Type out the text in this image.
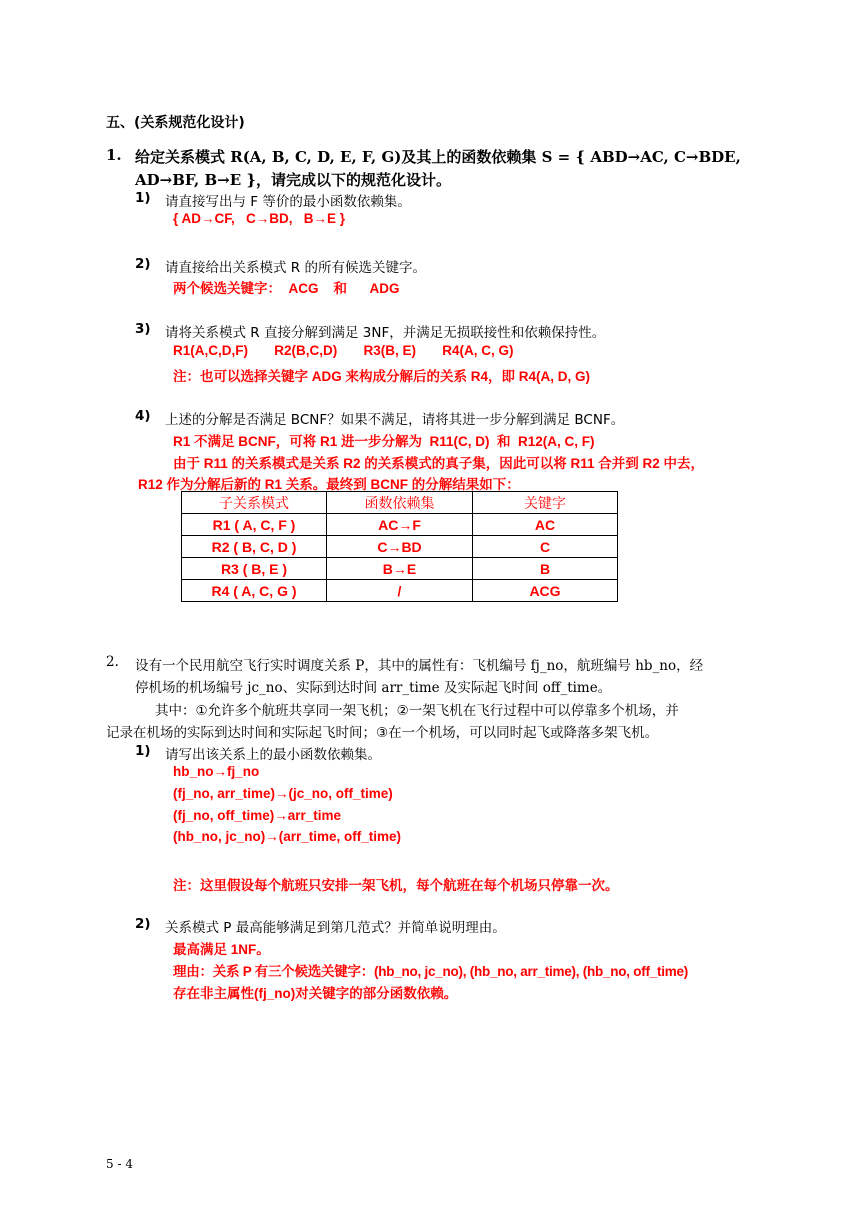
五、(关系规范化设计)
1. 给定关系模式 R(A, B, C, D, E, F, G)及其上的函数依赖集 S = { ABD→AC, C→BDE,
AD→BF, B→E }，请完成以下的规范化设计。
1) 请直接写出与 F 等价的最小函数依赖集。
{ AD→CF,   C→BD,   B→E }
2) 请直接给出关系模式 R 的所有候选关键字。
两个候选关键字：  ACG    和      ADG
3) 请将关系模式 R 直接分解到满足 3NF，并满足无损联接性和依赖保持性。
R1(A,C,D,F)       R2(B,C,D)       R3(B, E)       R4(A, C, G)
注：也可以选择关键字 ADG 来构成分解后的关系 R4，即 R4(A, D, G)
4) 上述的分解是否满足 BCNF？如果不满足，请将其进一步分解到满足 BCNF。
R1 不满足 BCNF，可将 R1 进一步分解为  R11(C, D)  和  R12(A, C, F)
由于 R11 的关系模式是关系 R2 的关系模式的真子集，因此可以将 R11 合并到 R2 中去，
R12 作为分解后新的 R1 关系。最终到 BCNF 的分解结果如下：
子关系模式	函数依赖集	关键字
R1 ( A, C, F )	AC→F	AC
R2 ( B, C, D )	C→BD	C
R3 ( B, E )	B→E	B
R4 ( A, C, G )	/	ACG
2. 设有一个民用航空飞行实时调度关系 P，其中的属性有：飞机编号 fj_no，航班编号 hb_no，经
停机场的机场编号 jc_no、实际到达时间 arr_time 及实际起飞时间 off_time。
其中：①允许多个航班共享同一架飞机；②一架飞机在飞行过程中可以停靠多个机场，并
记录在机场的实际到达时间和实际起飞时间；③在一个机场，可以同时起飞或降落多架飞机。
1) 请写出该关系上的最小函数依赖集。
hb_no→fj_no
(fj_no, arr_time)→(jc_no, off_time)
(fj_no, off_time)→arr_time
(hb_no, jc_no)→(arr_time, off_time)
注：这里假设每个航班只安排一架飞机，每个航班在每个机场只停靠一次。
2) 关系模式 P 最高能够满足到第几范式？并简单说明理由。
最高满足 1NF。
理由：关系 P 有三个候选关键字：(hb_no, jc_no), (hb_no, arr_time), (hb_no, off_time)
存在非主属性(fj_no)对关键字的部分函数依赖。
5 - 4
